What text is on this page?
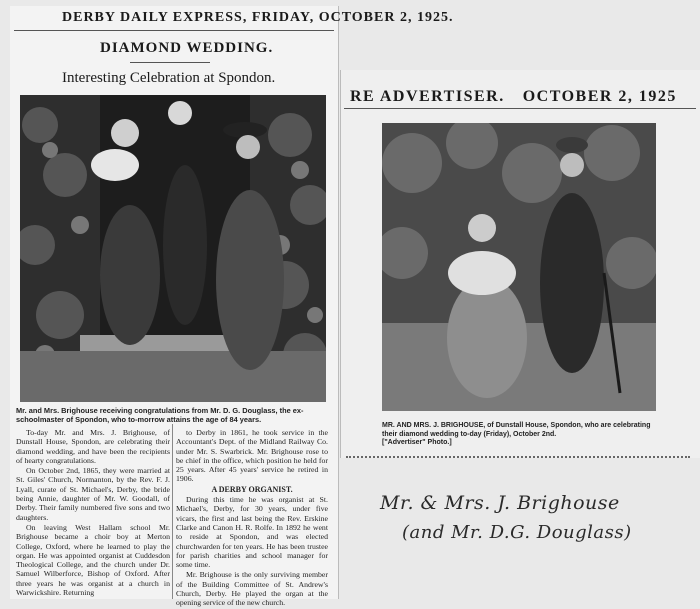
DERBY DAILY EXPRESS, FRIDAY, OCTOBER 2, 1925.
DIAMOND WEDDING.
Interesting Celebration at Spondon.
Mr. and Mrs. Brighouse receiving congratulations from Mr. D. G. Douglass, the ex-schoolmaster of Spondon, who to-morrow attains the age of 84 years.

To-day Mr. and Mrs. J. Brighouse, of Dunstall House, Spondon, are celebrating their diamond wedding, and have been the recipients of hearty congratulations.

On October 2nd, 1865, they were married at St. Giles' Church, Normanton, by the Rev. F. J. Lyall, curate of St. Michael's, Derby, the bride being Annie, daughter of Mr. W. Goodall, of Derby. Their family numbered five sons and two daughters.

On leaving West Hallam school Mr. Brighouse became a choir boy at Merton College, Oxford, where he learned to play the organ. He was appointed organist at Cuddesdon Theological College, and the church under Dr. Samuel Wilberforce, Bishop of Oxford. After three years he was organist at a church in Warwickshire. Returning

to Derby in 1861, he took service in the Accountant's Dept. of the Midland Railway Co. under Mr. S. Swarbrick. Mr. Brighouse rose to be chief in the office, which position he held for 25 years. After 45 years' service he retired in 1906.

A DERBY ORGANIST.

During this time he was organist at St. Michael's, Derby, for 30 years, under five vicars, the first and last being the Rev. Erskine Clarke and Canon H. R. Rolfe. In 1892 he went to reside at Spondon, and was elected churchwarden for ten years. He has been trustee for parish charities and school manager for some time.

Mr. Brighouse is the only surviving member of the Building Committee of St. Andrew's Church, Derby. He played the organ at the opening service of the new church.

RE ADVERTISER. OCTOBER 2, 1925
MR. AND MRS. J. BRIGHOUSE, of Dunstall House, Spondon, who are celebrating their diamond wedding to-day (Friday), October 2nd.
["Advertiser" Photo.]
Mr. & Mrs. J. Brighouse
(and Mr. D.G. Douglass)
